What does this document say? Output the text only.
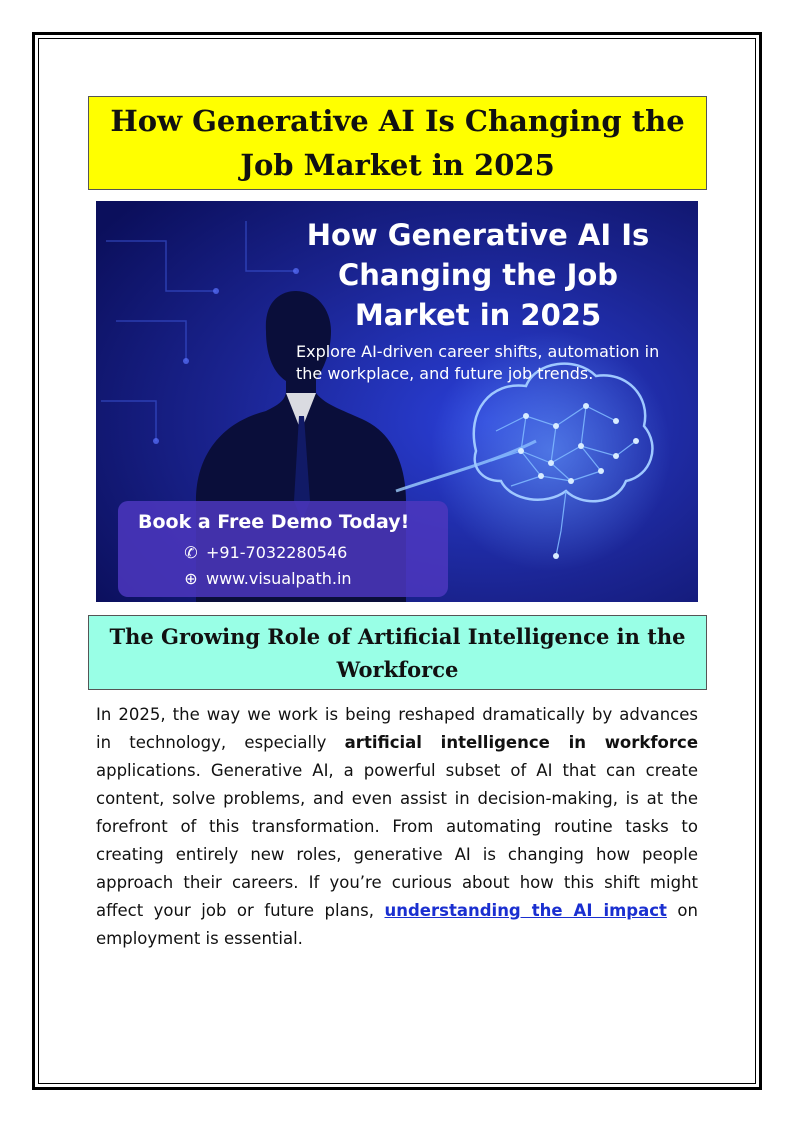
How Generative AI Is Changing the Job Market in 2025
How Generative AI Is Changing the Job Market in 2025

Explore AI-driven career shifts, automation in the workplace, and future job trends.

Book a Free Demo Today!

✆ +91-7032280546
⊕ www.visualpath.in
The Growing Role of Artificial Intelligence in the Workforce

In 2025, the way we work is being reshaped dramatically by advances in technology, especially artificial intelligence in workforce applications. Generative AI, a powerful subset of AI that can create content, solve problems, and even assist in decision-making, is at the forefront of this transformation. From automating routine tasks to creating entirely new roles, generative AI is changing how people approach their careers. If you’re curious about how this shift might affect your job or future plans, understanding the AI impact on employment is essential.
